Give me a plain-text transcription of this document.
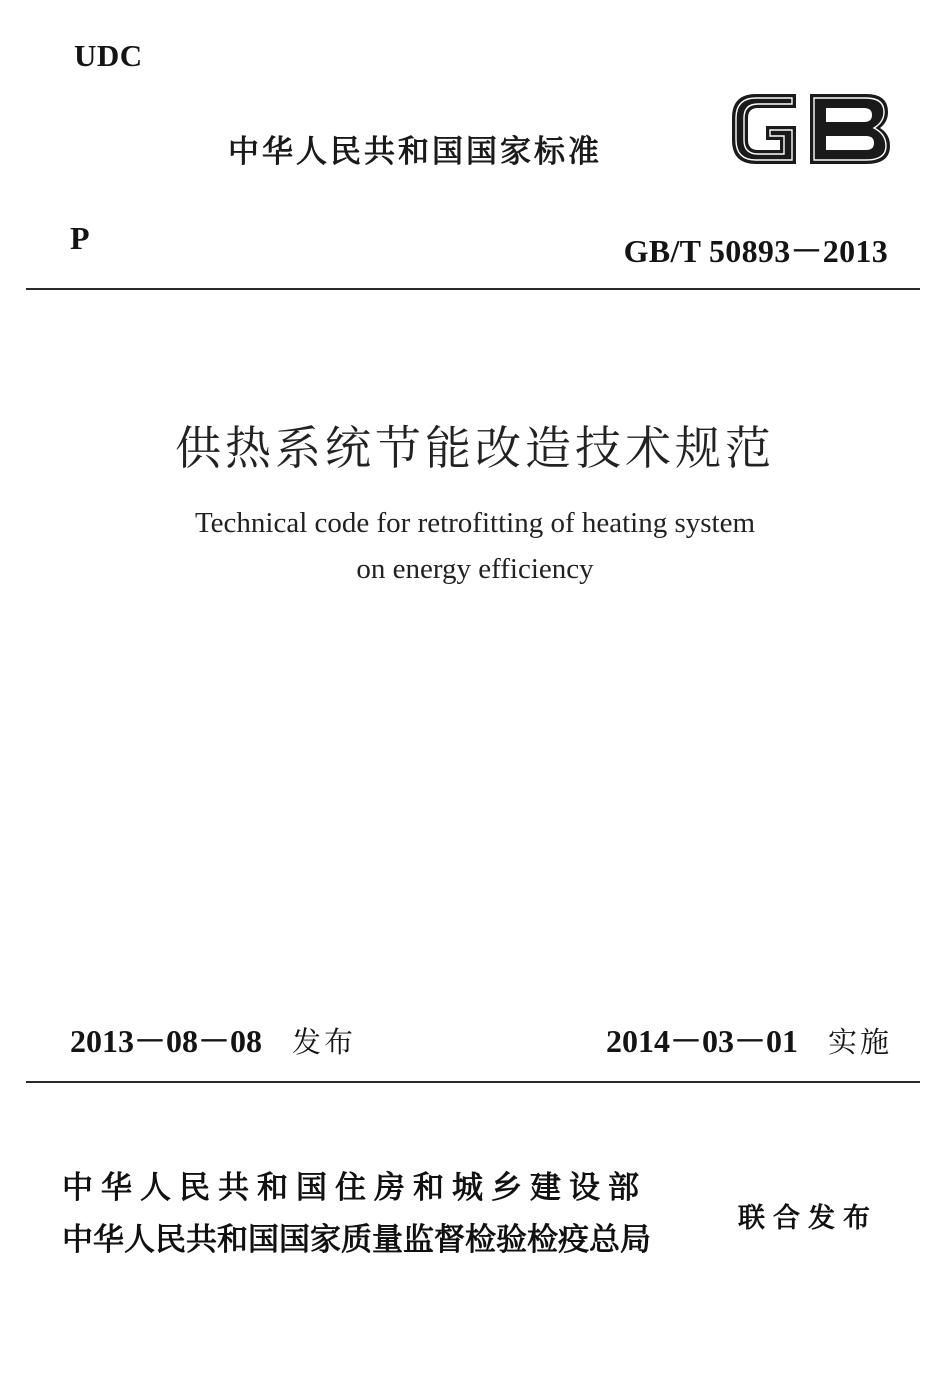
UDC
中华人民共和国国家标准
P	GB/T 50893－2013
供热系统节能改造技术规范
Technical code for retrofitting of heating system
on energy efficiency
2013－08－08 发布	2014－03－01 实施
中华人民共和国住房和城乡建设部
中华人民共和国国家质量监督检验检疫总局
联合发布
